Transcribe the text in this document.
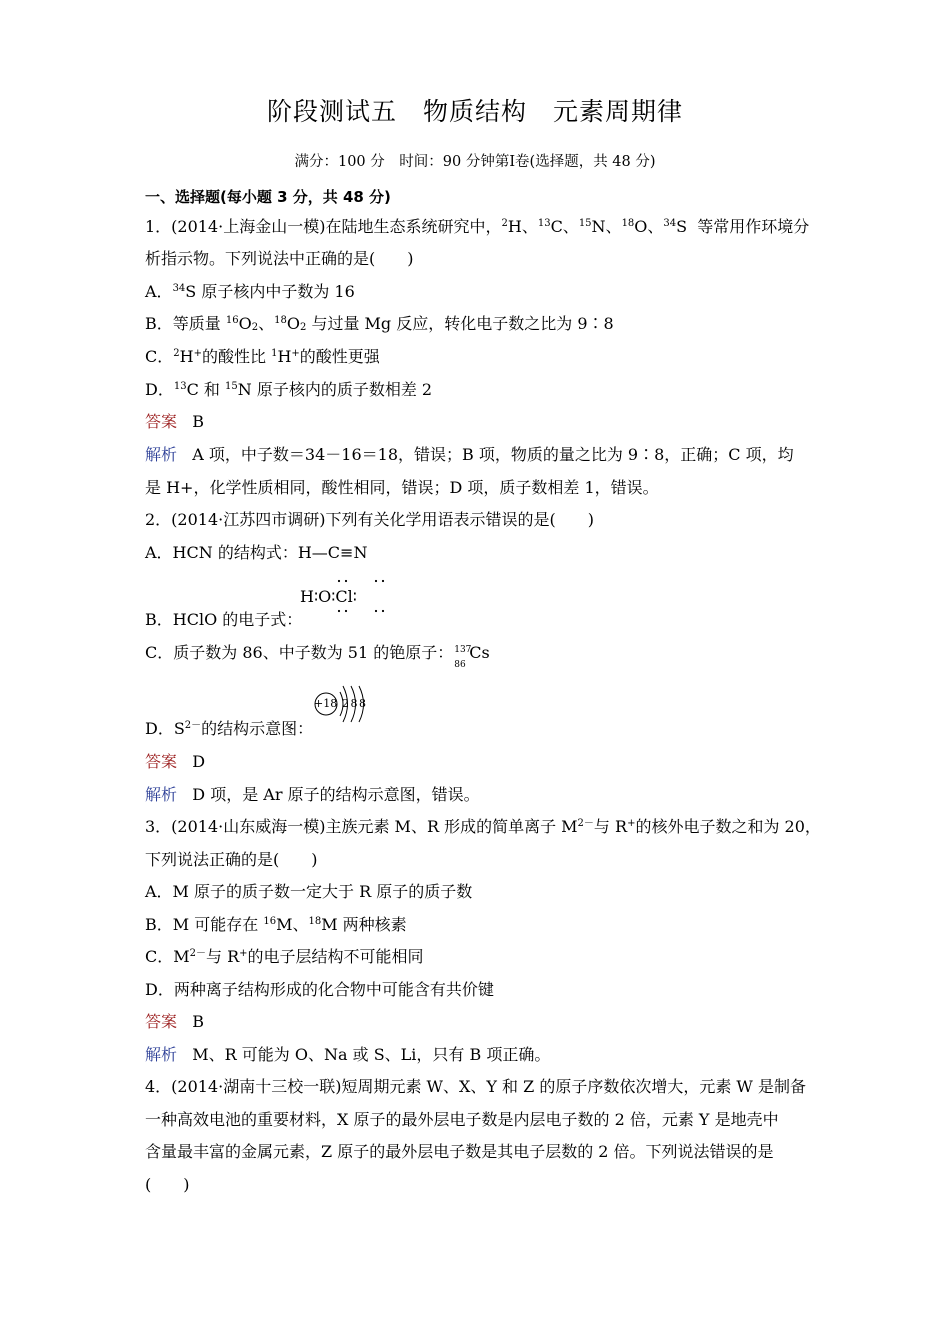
阶段测试五　物质结构　元素周期律
满分：100 分　时间：90 分钟第Ⅰ卷(选择题，共 48 分)
一、选择题(每小题 3 分，共 48 分)
1．(2014·上海金山一模)在陆地生态系统研究中，$^2$H、$^{13}$C、$^{15}$N、$^{18}$O、$^{34}$S  等常用作环境分
析指示物。下列说法中正确的是(　　)
A．$^{34}$S 原子核内中子数为 16
B．等质量 $^{16}O_2$、$^{18}O_2$ 与过量 Mg 反应，转化电子数之比为 9∶8
C．$^2$H+的酸性比 $^1$H+的酸性更强
D．$^{13}$C 和 $^{15}$N 原子核内的质子数相差 2
答案 B
解析 A 项，中子数＝34－16＝18，错误；B 项，物质的量之比为 9∶8，正确；C 项，均
是 H+，化学性质相同，酸性相同，错误；D 项，质子数相差 1，错误。
2．(2014·江苏四市调研)下列有关化学用语表示错误的是(　　)
A．HCN 的结构式：H—C≡N
H∶O∶Cl∶
B．HClO 的电子式：
C．质子数为 86、中子数为 51 的铯原子： 137
86
Cs
+18 2 8 8
D．$S^{2-}$的结构示意图：
答案 D
解析 D 项，是 Ar 原子的结构示意图，错误。
3．(2014·山东威海一模)主族元素 M、R 形成的简单离子 $M^{2-}$与 R+的核外电子数之和为 20，
下列说法正确的是(　　)
A．M 原子的质子数一定大于 R 原子的质子数
B．M 可能存在 $^{16}$M、$^{18}$M 两种核素
C．$M^{2-}$与 R+的电子层结构不可能相同
D．两种离子结构形成的化合物中可能含有共价键
答案 B
解析 M、R 可能为 O、Na 或 S、Li，只有 B 项正确。
4．(2014·湖南十三校一联)短周期元素 W、X、Y 和 Z 的原子序数依次增大，元素 W 是制备
一种高效电池的重要材料，X 原子的最外层电子数是内层电子数的 2 倍，元素 Y 是地壳中
含量最丰富的金属元素，Z 原子的最外层电子数是其电子层数的 2 倍。下列说法错误的是
(　　)
